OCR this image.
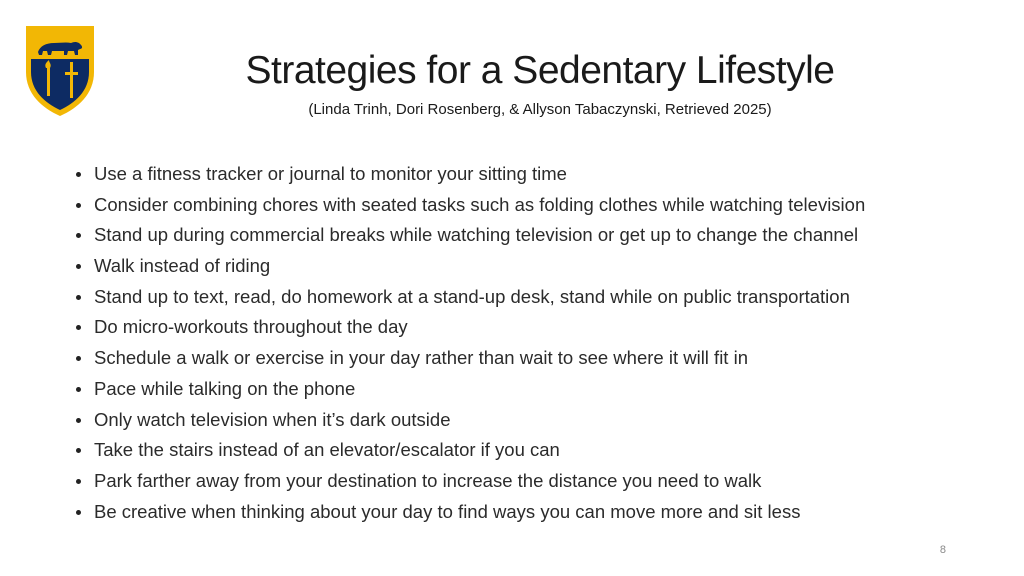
Strategies for a Sedentary Lifestyle
(Linda Trinh, Dori Rosenberg, & Allyson Tabaczynski, Retrieved 2025)
Use a fitness tracker or journal to monitor your sitting time
Consider combining chores with seated tasks such as folding clothes while watching television
Stand up during commercial breaks while watching television or get up to change the channel
Walk instead of riding
Stand up to text, read, do homework at a stand-up desk, stand while on public transportation
Do micro-workouts throughout the day
Schedule a walk or exercise in your day rather than wait to see where it will fit in
Pace while talking on the phone
Only watch television when it’s dark outside
Take the stairs instead of an elevator/escalator if you can
Park farther away from your destination to increase the distance you need to walk
Be creative when thinking about your day to find ways you can move more and sit less
8
